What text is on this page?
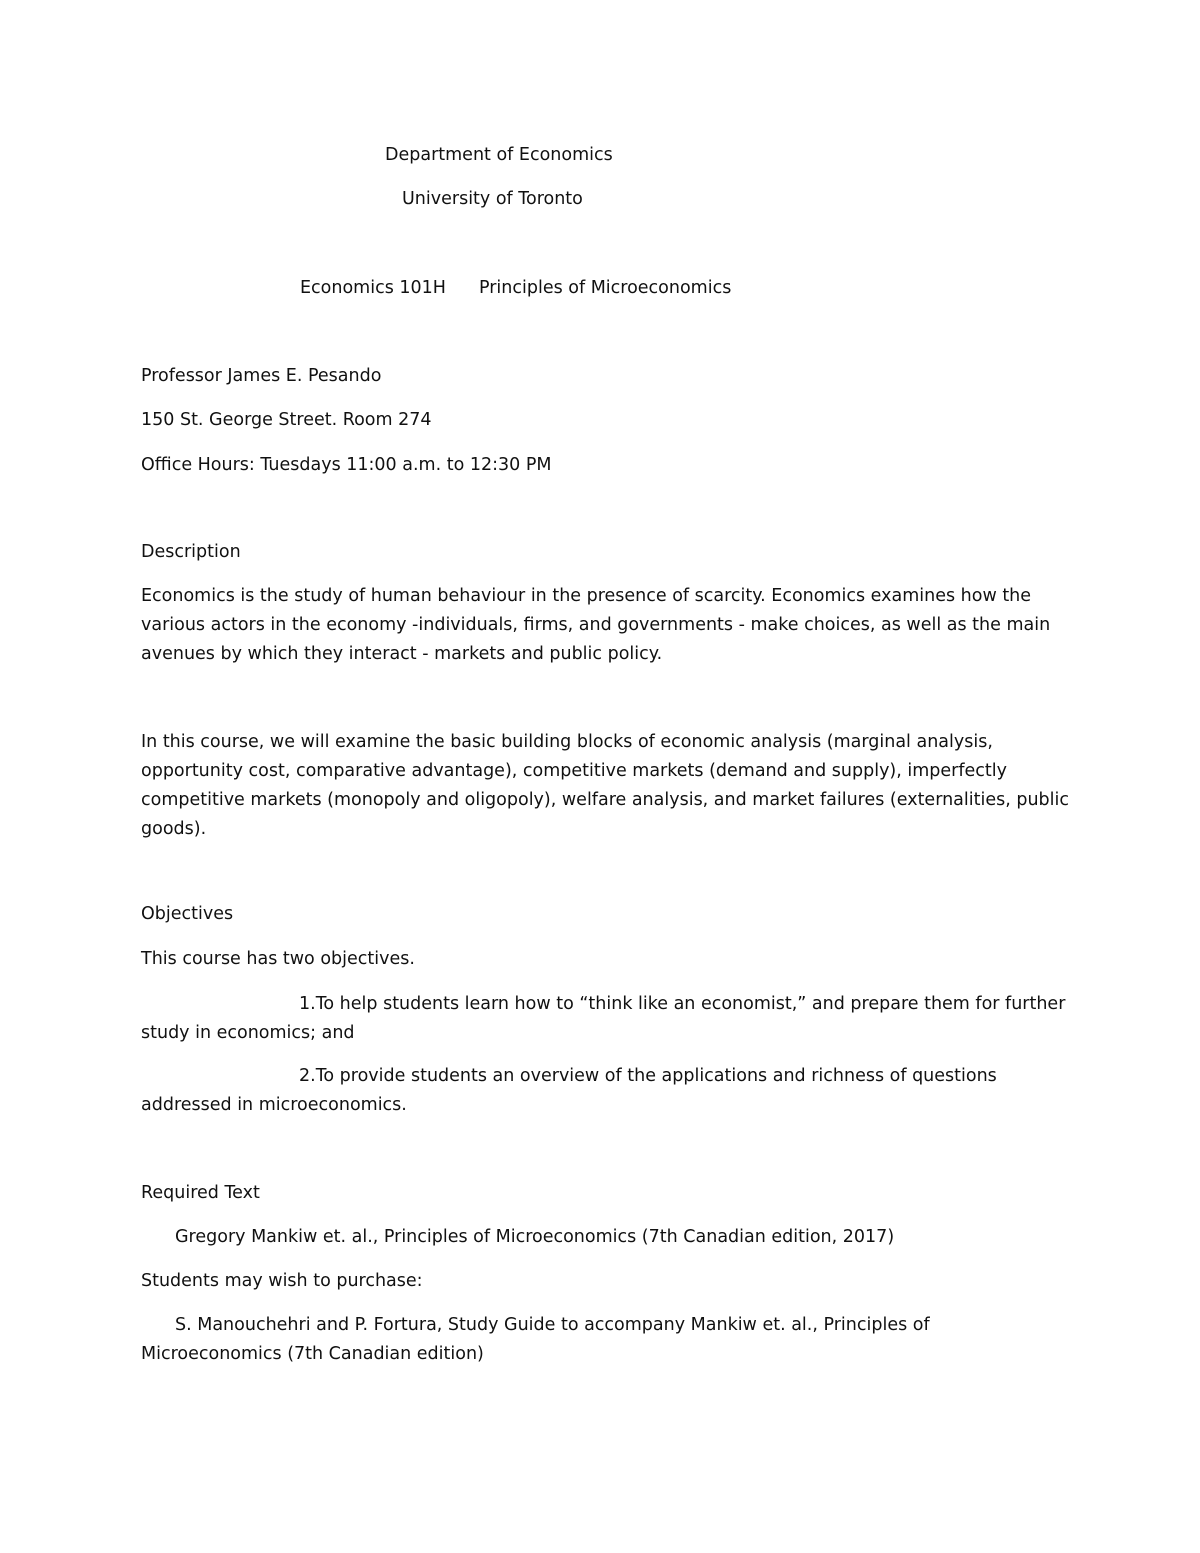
Department of Economics
University of Toronto
Economics 101H Principles of Microeconomics
Professor James E. Pesando
150 St. George Street. Room 274
Office Hours: Tuesdays 11:00 a.m. to 12:30 PM
Description

Economics is the study of human behaviour in the presence of scarcity. Economics examines how the various actors in the economy -individuals, firms, and governments - make choices, as well as the main avenues by which they interact - markets and public policy.

In this course, we will examine the basic building blocks of economic analysis (marginal analysis, opportunity cost, comparative advantage), competitive markets (demand and supply), imperfectly competitive markets (monopoly and oligopoly), welfare analysis, and market failures (externalities, public goods).

Objectives
This course has two objectives.

1.To help students learn how to “think like an economist,” and prepare them for further study in economics; and

2.To provide students an overview of the applications and richness of questions addressed in microeconomics.

Required Text
Gregory Mankiw et. al., Principles of Microeconomics (7th Canadian edition, 2017)
Students may wish to purchase:

S. Manouchehri and P. Fortura, Study Guide to accompany Mankiw et. al., Principles of Microeconomics (7th Canadian edition)
